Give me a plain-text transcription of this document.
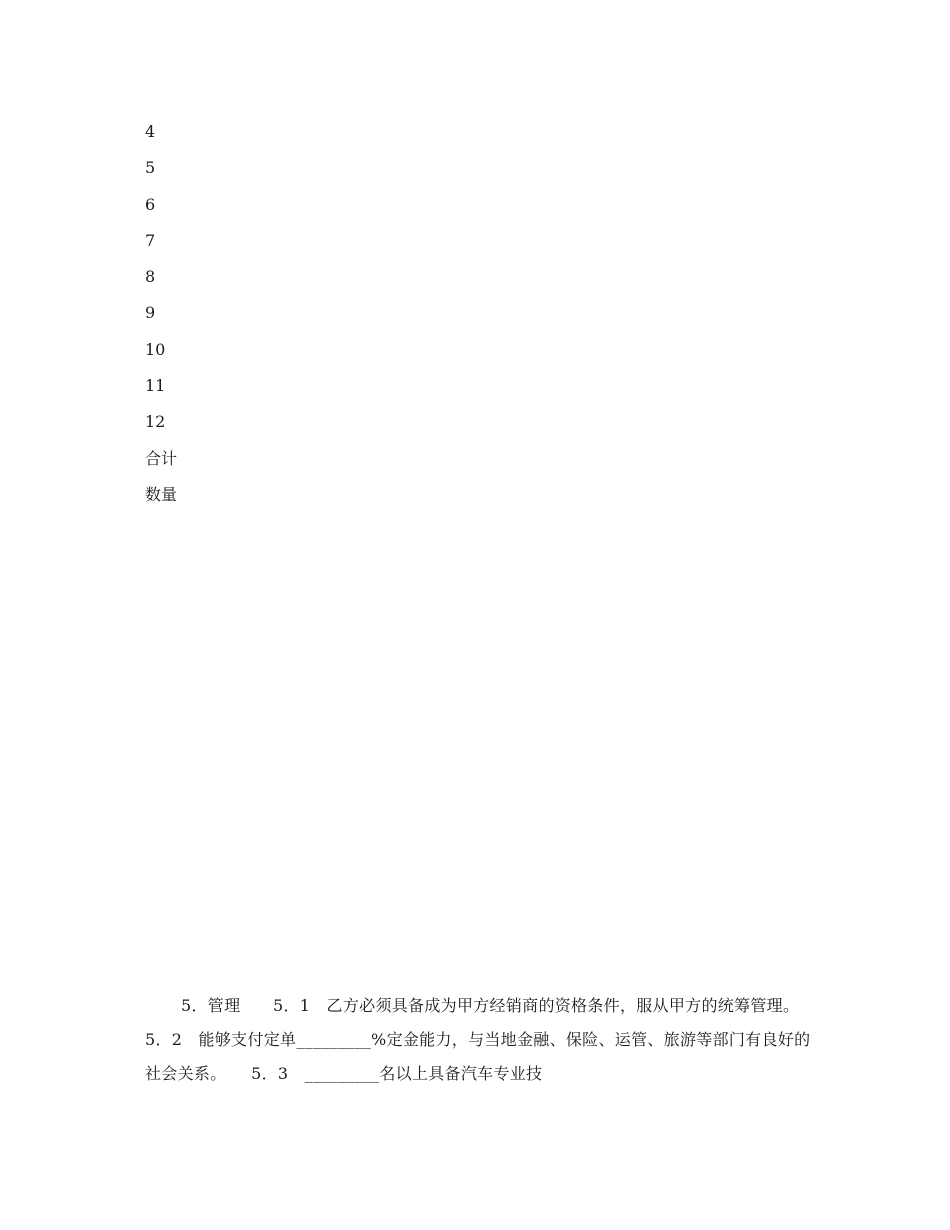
4
5
6
7
8
9
10
11
12
合计
数量

5．管理　　5．1　乙方必须具备成为甲方经销商的资格条件，服从甲方的统筹管理。　　5．2　能够支付定单_________%定金能力，与当地金融、保险、运管、旅游等部门有良好的社会关系。　　5．3　_________名以上具备汽车专业技
